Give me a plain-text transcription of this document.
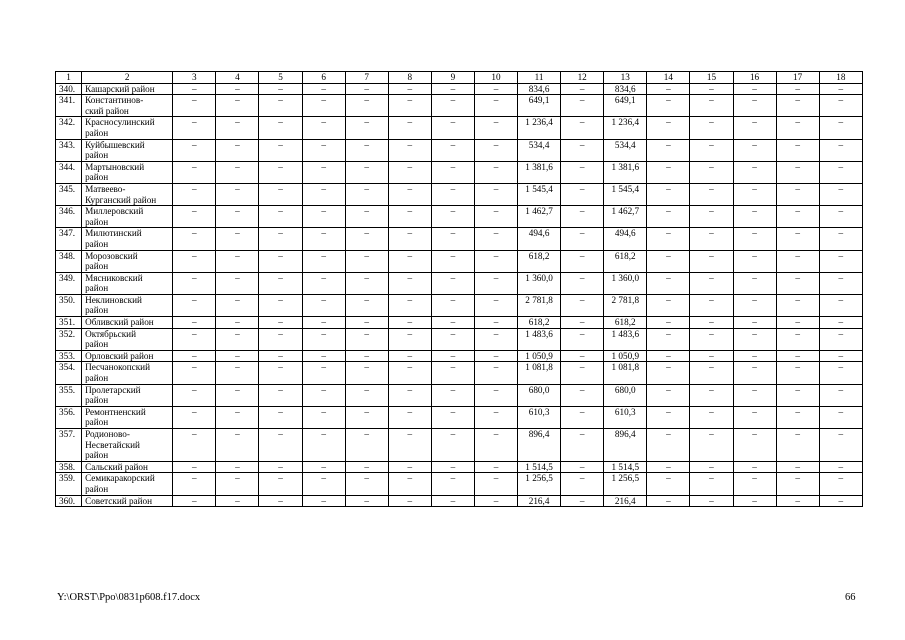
1	2	3	4	5	6	7	8	9	10	11	12	13	14	15	16	17	18
340.	Кашарский район	–	–	–	–	–	–	–	–	834,6	–	834,6	–	–	–	–	–
341.	Константинов-
ский район	–	–	–	–	–	–	–	–	649,1	–	649,1	–	–	–	–	–
342.	Красносулинский
район	–	–	–	–	–	–	–	–	1 236,4	–	1 236,4	–	–	–	–	–
343.	Куйбышевский
район	–	–	–	–	–	–	–	–	534,4	–	534,4	–	–	–	–	–
344.	Мартыновский
район	–	–	–	–	–	–	–	–	1 381,6	–	1 381,6	–	–	–	–	–
345.	Матвеево-
Курганский район	–	–	–	–	–	–	–	–	1 545,4	–	1 545,4	–	–	–	–	–
346.	Миллеровский
район	–	–	–	–	–	–	–	–	1 462,7	–	1 462,7	–	–	–	–	–
347.	Милютинский
район	–	–	–	–	–	–	–	–	494,6	–	494,6	–	–	–	–	–
348.	Морозовский
район	–	–	–	–	–	–	–	–	618,2	–	618,2	–	–	–	–	–
349.	Мясниковский
район	–	–	–	–	–	–	–	–	1 360,0	–	1 360,0	–	–	–	–	–
350.	Неклиновский
район	–	–	–	–	–	–	–	–	2 781,8	–	2 781,8	–	–	–	–	–
351.	Обливский район	–	–	–	–	–	–	–	–	618,2	–	618,2	–	–	–	–	–
352.	Октябрьский
район	–	–	–	–	–	–	–	–	1 483,6	–	1 483,6	–	–	–	–	–
353.	Орловский район	–	–	–	–	–	–	–	–	1 050,9	–	1 050,9	–	–	–	–	–
354.	Песчанокопский
район	–	–	–	–	–	–	–	–	1 081,8	–	1 081,8	–	–	–	–	–
355.	Пролетарский
район	–	–	–	–	–	–	–	–	680,0	–	680,0	–	–	–	–	–
356.	Ремонтненский
район	–	–	–	–	–	–	–	–	610,3	–	610,3	–	–	–	–	–
357.	Родионово-
Несветайский
район	–	–	–	–	–	–	–	–	896,4	–	896,4	–	–	–	–	–
358.	Сальский район	–	–	–	–	–	–	–	–	1 514,5	–	1 514,5	–	–	–	–	–
359.	Семикаракорский
район	–	–	–	–	–	–	–	–	1 256,5	–	1 256,5	–	–	–	–	–
360.	Советский район	–	–	–	–	–	–	–	–	216,4	–	216,4	–	–	–	–	–
Y:\ORST\Ppo\0831p608.f17.docx	66
